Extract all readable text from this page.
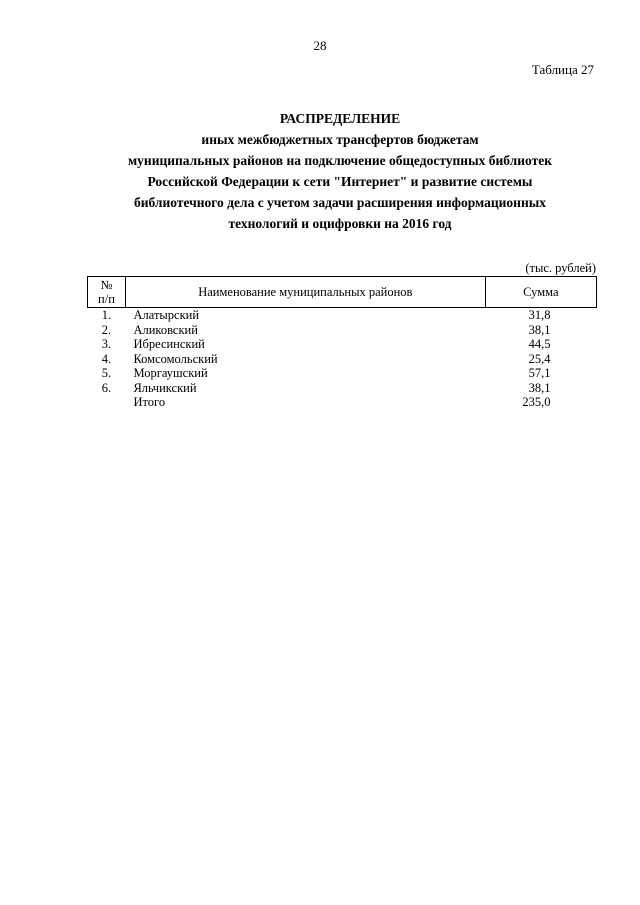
28
Таблица 27
РАСПРЕДЕЛЕНИЕ
иных межбюджетных трансфертов бюджетам
муниципальных районов на подключение общедоступных библиотек
Российской Федерации к сети "Интернет" и развитие системы
библиотечного дела с учетом задачи расширения информационных
технологий и оцифровки на 2016 год
(тыс. рублей)
№
п/п	Наименование муниципальных районов	Сумма
1.	Алатырский	31,8
2.	Аликовский	38,1
3.	Ибресинский	44,5
4.	Комсомольский	25,4
5.	Моргаушский	57,1
6.	Яльчикский	38,1
	Итого	235,0
